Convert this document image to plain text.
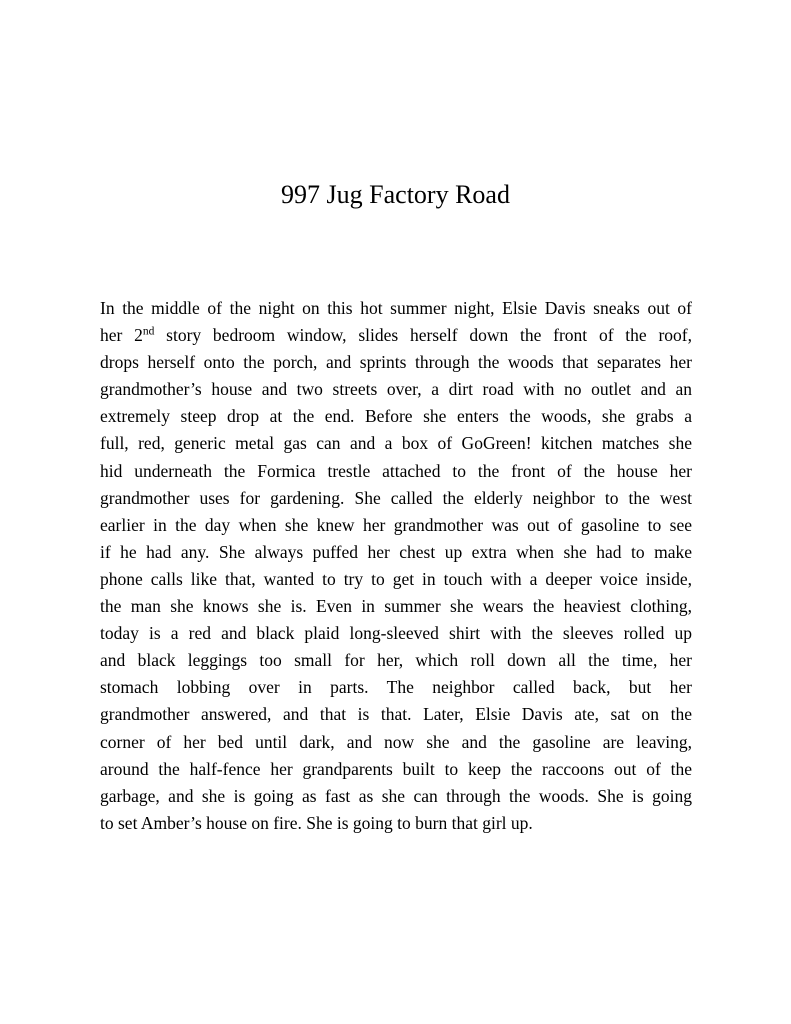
997 Jug Factory Road
In the middle of the night on this hot summer night, Elsie Davis sneaks out of
her 2nd story bedroom window, slides herself down the front of the roof,
drops herself onto the porch, and sprints through the woods that separates her
grandmother’s house and two streets over, a dirt road with no outlet and an
extremely steep drop at the end. Before she enters the woods, she grabs a
full, red, generic metal gas can and a box of GoGreen! kitchen matches she
hid underneath the Formica trestle attached to the front of the house her
grandmother uses for gardening. She called the elderly neighbor to the west
earlier in the day when she knew her grandmother was out of gasoline to see
if he had any. She always puffed her chest up extra when she had to make
phone calls like that, wanted to try to get in touch with a deeper voice inside,
the man she knows she is. Even in summer she wears the heaviest clothing,
today is a red and black plaid long-sleeved shirt with the sleeves rolled up
and black leggings too small for her, which roll down all the time, her
stomach lobbing over in parts. The neighbor called back, but her
grandmother answered, and that is that. Later, Elsie Davis ate, sat on the
corner of her bed until dark, and now she and the gasoline are leaving,
around the half-fence her grandparents built to keep the raccoons out of the
garbage, and she is going as fast as she can through the woods. She is going
to set Amber’s house on fire. She is going to burn that girl up.
